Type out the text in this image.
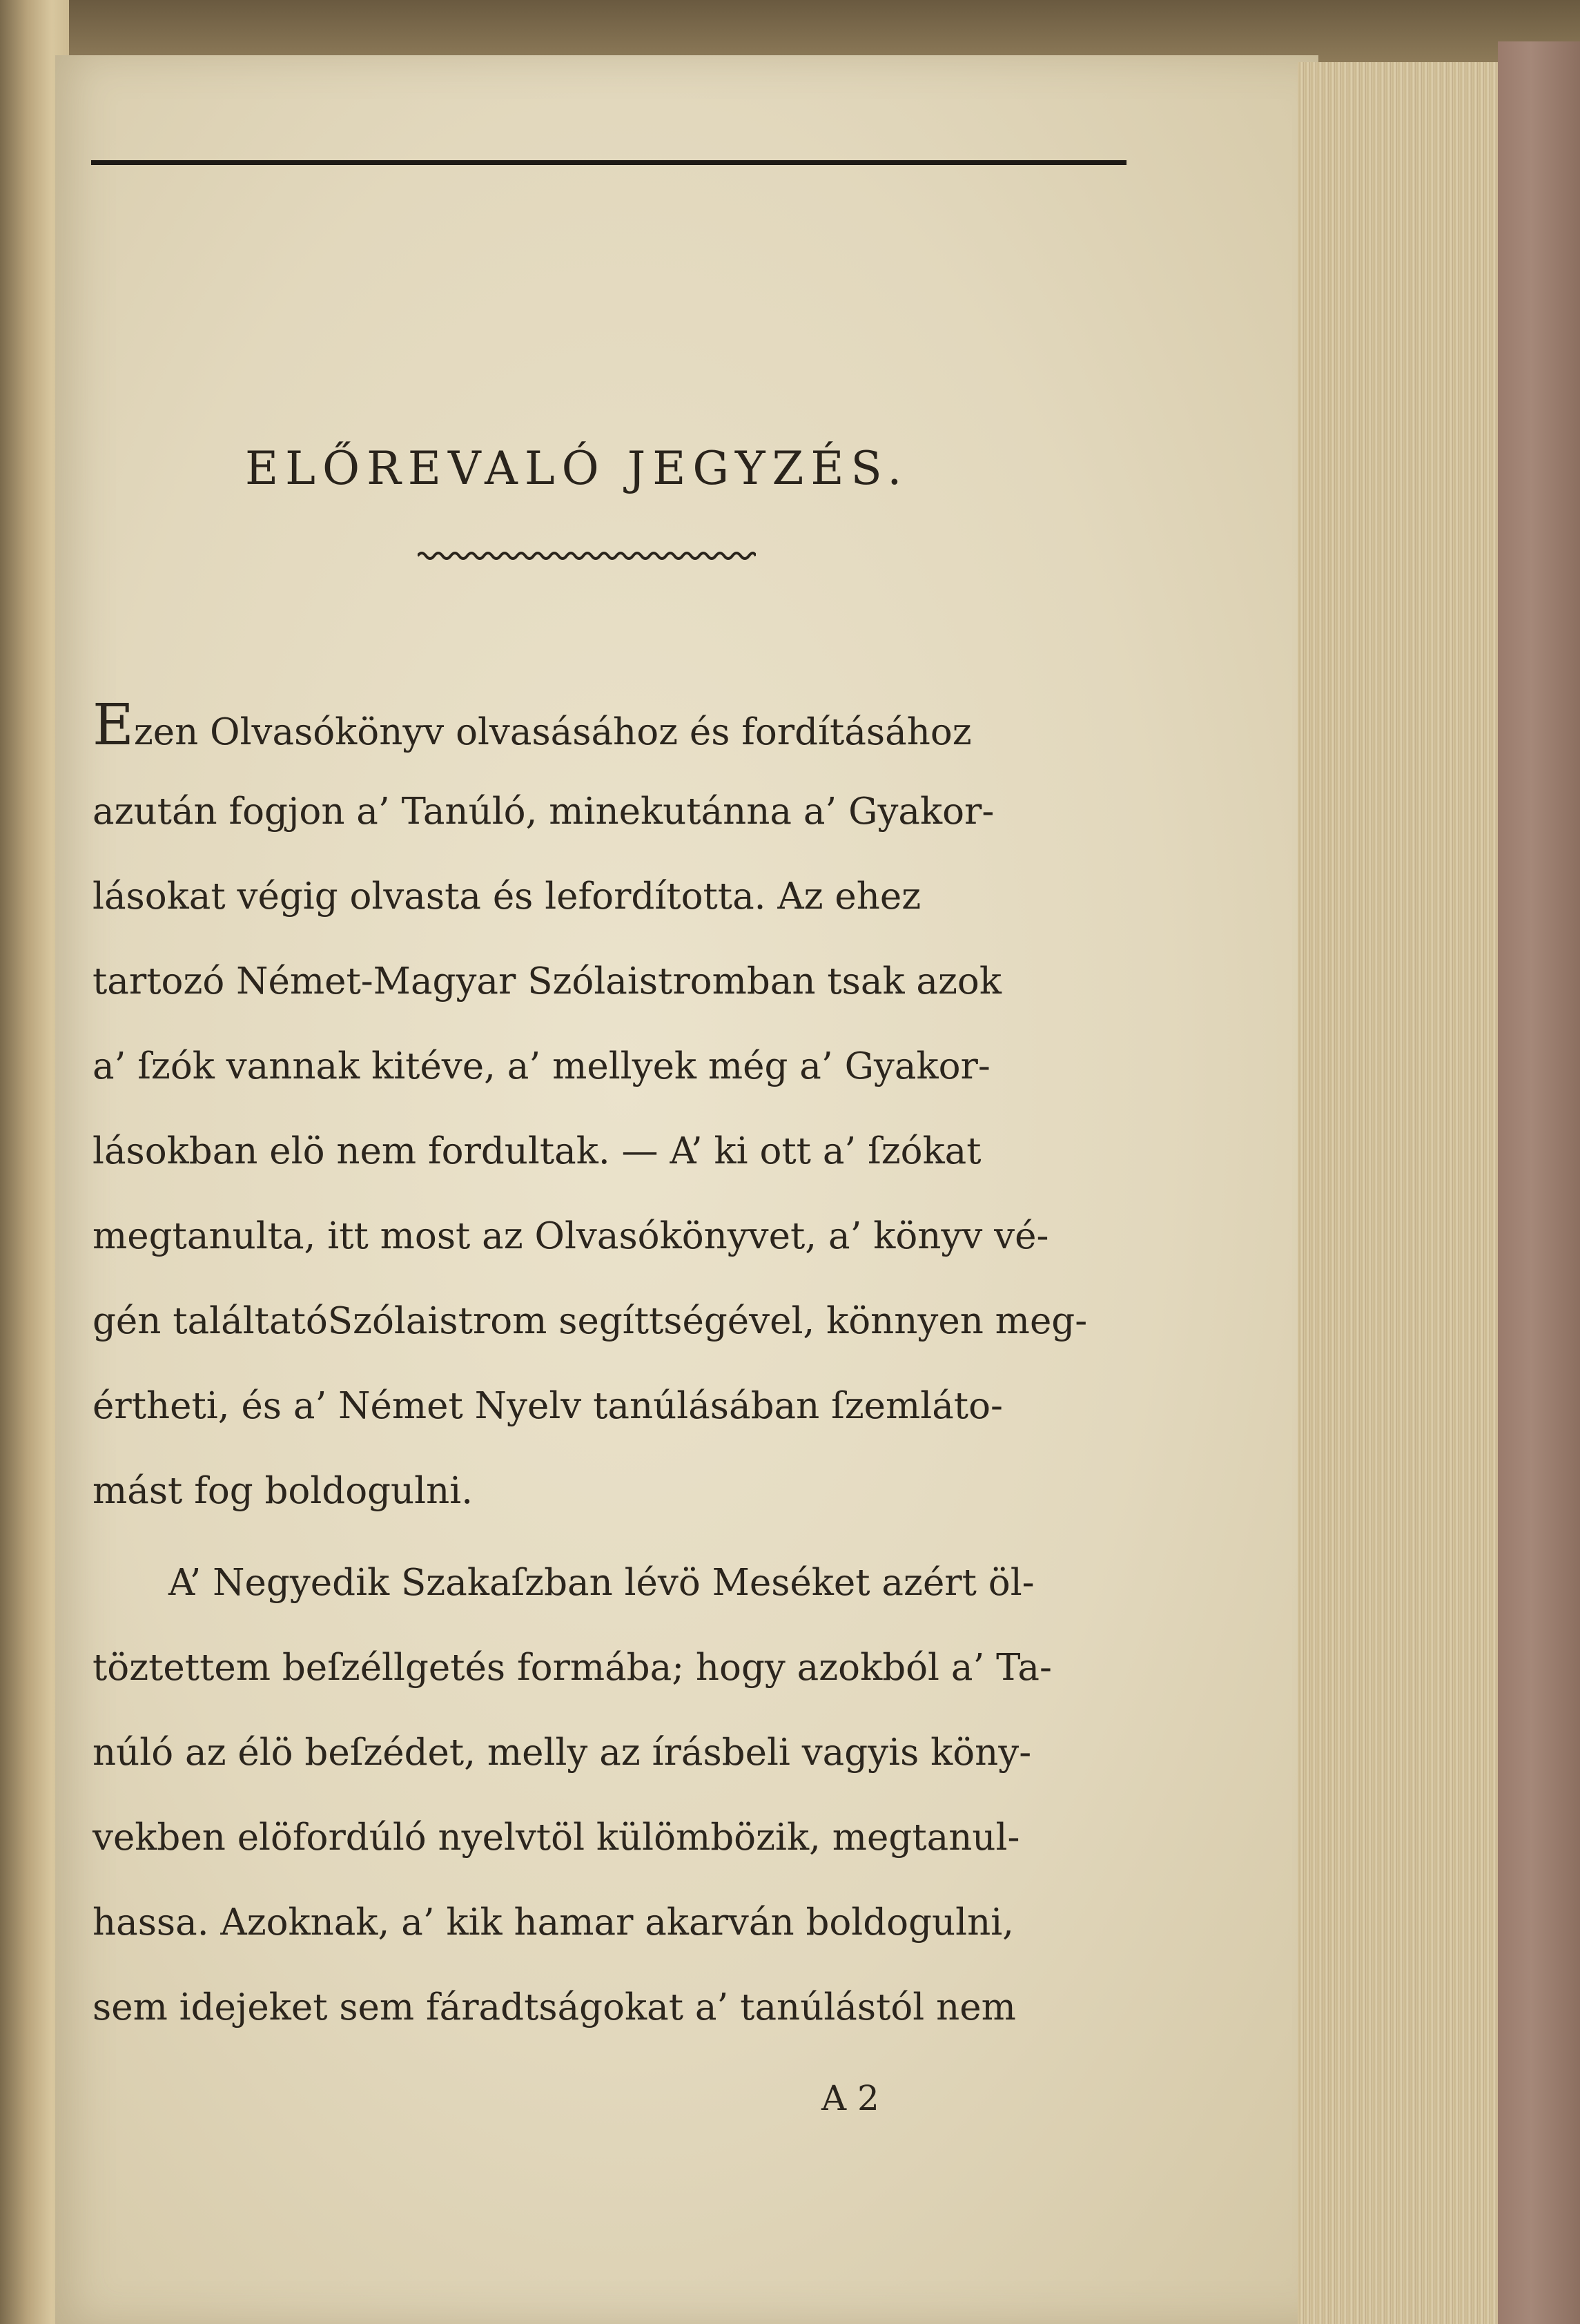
ELŐREVALÓ JEGYZÉS.
Ezen Olvasókönyv olvasásához és fordításához
azután fogjon a’ Tanúló, minekutánna a’ Gyakor-
lásokat végig olvasta és lefordította. Az ehez
tartozó Német-Magyar Szólaistromban tsak azok
a’ ſzók vannak kitéve, a’ mellyek még a’ Gyakor-
lásokban elö nem fordultak. — A’ ki ott a’ ſzókat
megtanulta, itt most az Olvasókönyvet, a’ könyv vé-
gén találtatóSzólaistrom segíttségével, könnyen meg-
értheti, és a’ Német Nyelv tanúlásában ſzemláto-
mást fog boldogulni.
A’ Negyedik Szakaſzban lévö Meséket azért öl-
töztettem beſzéllgetés formába; hogy azokból a’ Ta-
núló az élö beſzédet, melly az írásbeli vagyis köny-
vekben elöfordúló nyelvtöl külömbözik, megtanul-
hassa. Azoknak, a’ kik hamar akarván boldogulni,
sem idejeket sem fáradtságokat a’ tanúlástól nem
A 2
